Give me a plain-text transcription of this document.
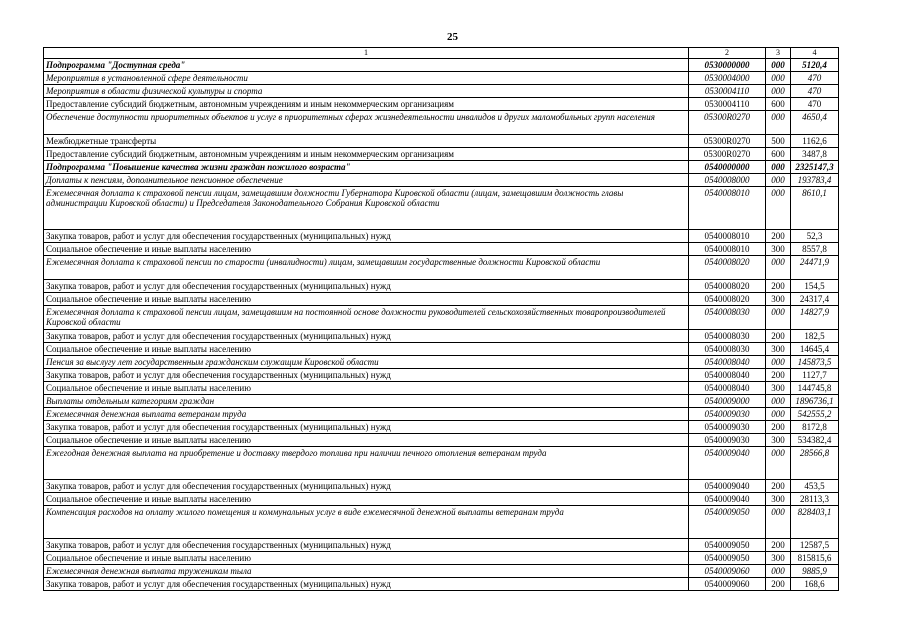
25
1	2	3	4
Подпрограмма "Доступная среда"	0530000000	000	5120,4
Мероприятия в установленной сфере деятельности	0530004000	000	470
Мероприятия в области физической культуры и спорта	0530004110	000	470
Предоставление субсидий бюджетным, автономным учреждениям и иным некоммерческим организациям	0530004110	600	470
Обеспечение доступности приоритетных объектов и услуг в приоритетных сферах жизнедеятельности инвалидов и других маломобильных групп населения	05300R0270	000	4650,4
Межбюджетные трансферты	05300R0270	500	1162,6
Предоставление субсидий бюджетным, автономным учреждениям и иным некоммерческим организациям	05300R0270	600	3487,8
Подпрограмма "Повышение качества жизни граждан пожилого возраста"	0540000000	000	2325147,3
Доплаты к пенсиям, дополнительное пенсионное обеспечение	0540008000	000	193783,4
Ежемесячная доплата к страховой пенсии лицам, замещавшим должности Губернатора Кировской области (лицам, замещавшим должность главы администрации Кировской области) и Председателя Законодательного Собрания Кировской области	0540008010	000	8610,1
Закупка товаров, работ и услуг для обеспечения государственных (муниципальных) нужд	0540008010	200	52,3
Социальное обеспечение и иные выплаты населению	0540008010	300	8557,8
Ежемесячная доплата к страховой пенсии по старости (инвалидности) лицам, замещавшим государственные должности Кировской области	0540008020	000	24471,9
Закупка товаров, работ и услуг для обеспечения государственных (муниципальных) нужд	0540008020	200	154,5
Социальное обеспечение и иные выплаты населению	0540008020	300	24317,4
Ежемесячная доплата к страховой пенсии лицам, замещавшим на постоянной основе должности руководителей сельскохозяйственных товаропроизводителей Кировской области	0540008030	000	14827,9
Закупка товаров, работ и услуг для обеспечения государственных (муниципальных) нужд	0540008030	200	182,5
Социальное обеспечение и иные выплаты населению	0540008030	300	14645,4
Пенсия за выслугу лет государственным гражданским служащим Кировской области	0540008040	000	145873,5
Закупка товаров, работ и услуг для обеспечения государственных (муниципальных) нужд	0540008040	200	1127,7
Социальное обеспечение и иные выплаты населению	0540008040	300	144745,8
Выплаты отдельным категориям граждан	0540009000	000	1896736,1
Ежемесячная денежная выплата ветеранам труда	0540009030	000	542555,2
Закупка товаров, работ и услуг для обеспечения государственных (муниципальных) нужд	0540009030	200	8172,8
Социальное обеспечение и иные выплаты населению	0540009030	300	534382,4
Ежегодная денежная выплата на приобретение и доставку твердого топлива при наличии печного отопления ветеранам труда	0540009040	000	28566,8
Закупка товаров, работ и услуг для обеспечения государственных (муниципальных) нужд	0540009040	200	453,5
Социальное обеспечение и иные выплаты населению	0540009040	300	28113,3
Компенсация расходов на оплату жилого помещения и коммунальных услуг в виде ежемесячной денежной выплаты ветеранам труда	0540009050	000	828403,1
Закупка товаров, работ и услуг для обеспечения государственных (муниципальных) нужд	0540009050	200	12587,5
Социальное обеспечение и иные выплаты населению	0540009050	300	815815,6
Ежемесячная денежная выплата труженикам тыла	0540009060	000	9885,9
Закупка товаров, работ и услуг для обеспечения государственных (муниципальных) нужд	0540009060	200	168,6
